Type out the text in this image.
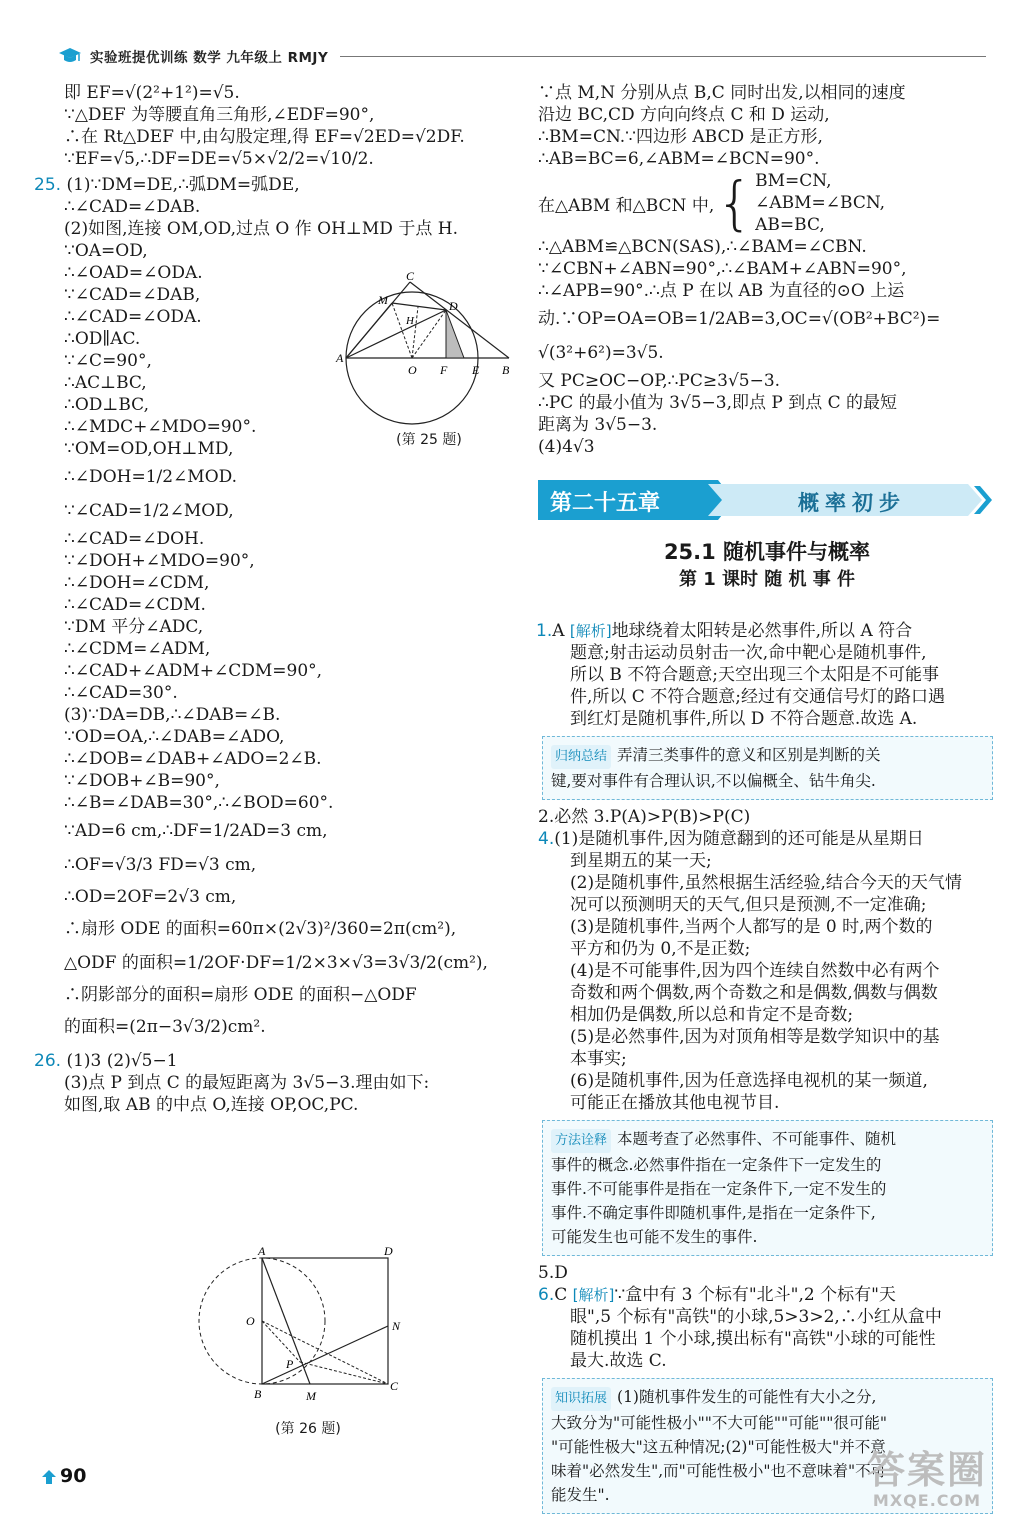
实验班提优训练 数学 九年级上 RMJY
即 EF=√(2²+1²)=√5.
∵△DEF 为等腰直角三角形,∠EDF=90°,
∴在 Rt△DEF 中,由勾股定理,得 EF=√2ED=√2DF.
∵EF=√5,∴DF=DE=√5×√2/2=√10/2.
25. (1)∵DM=DE,∴弧DM=弧DE,
∴∠CAD=∠DAB.
(2)如图,连接 OM,OD,过点 O 作 OH⊥MD 于点 H.
∵OA=OD,
∴∠OAD=∠ODA.
∵∠CAD=∠DAB,
∴∠CAD=∠ODA.
∴OD∥AC.
∵∠C=90°,
∴AC⊥BC,
∴OD⊥BC,
∴∠MDC+∠MDO=90°.
∵OM=OD,OH⊥MD,
∴∠DOH=1/2∠MOD.
∵∠CAD=1/2∠MOD,
∴∠CAD=∠DOH.
∵∠DOH+∠MDO=90°,
∴∠DOH=∠CDM,
∴∠CAD=∠CDM.
∵DM 平分∠ADC,
∴∠CDM=∠ADM,
∴∠CAD+∠ADM+∠CDM=90°,
∴∠CAD=30°.
(3)∵DA=DB,∴∠DAB=∠B.
∵OD=OA,∴∠DAB=∠ADO,
∴∠DOB=∠DAB+∠ADO=2∠B.
∵∠DOB+∠B=90°,
∴∠B=∠DAB=30°,∴∠BOD=60°.
∵AD=6 cm,∴DF=1/2AD=3 cm,
∴OF=√3/3 FD=√3 cm,
∴OD=2OF=2√3 cm,
∴扇形 ODE 的面积=60π×(2√3)²/360=2π(cm²),
△ODF 的面积=1/2OF·DF=1/2×3×√3=3√3/2(cm²),
∴阴影部分的面积=扇形 ODE 的面积−△ODF
的面积=(2π−3√3/2)cm².
26. (1)3 (2)√5−1
(3)点 P 到点 C 的最短距离为 3√5−3.理由如下:
如图,取 AB 的中点 O,连接 OP,OC,PC.
C
M	D
H
A
O F E B
(第 25 题)
A	D
O	N
P
B	M
C
(第 26 题)
∵点 M,N 分别从点 B,C 同时出发,以相同的速度
沿边 BC,CD 方向向终点 C 和 D 运动,
∴BM=CN.∵四边形 ABCD 是正方形,
∴AB=BC=6,∠ABM=∠BCN=90°.
在△ABM 和△BCN 中, { BM=CN,
∠ABM=∠BCN,
AB=BC,
∴△ABM≌△BCN(SAS),∴∠BAM=∠CBN.
∵∠CBN+∠ABN=90°,∴∠BAM+∠ABN=90°,
∴∠APB=90°.∴点 P 在以 AB 为直径的⊙O 上运
动.∵OP=OA=OB=1/2AB=3,OC=√(OB²+BC²)=
√(3²+6²)=3√5.
又 PC≥OC−OP,∴PC≥3√5−3.
∴PC 的最小值为 3√5−3,即点 P 到点 C 的最短
距离为 3√5−3.
(4)4√3
第二十五章	概率初步
25.1 随机事件与概率
第 1 课时 随 机 事 件
1.A [解析]地球绕着太阳转是必然事件,所以 A 符合
题意;射击运动员射击一次,命中靶心是随机事件,
所以 B 不符合题意;天空出现三个太阳是不可能事
件,所以 C 不符合题意;经过有交通信号灯的路口遇
到红灯是随机事件,所以 D 不符合题意.故选 A.
归纳总结 弄清三类事件的意义和区别是判断的关
键,要对事件有合理认识,不以偏概全、钻牛角尖.
2.必然 3.P(A)>P(B)>P(C)
4.(1)是随机事件,因为随意翻到的还可能是从星期日
到星期五的某一天;
(2)是随机事件,虽然根据生活经验,结合今天的天气情
况可以预测明天的天气,但只是预测,不一定准确;
(3)是随机事件,当两个人都写的是 0 时,两个数的
平方和仍为 0,不是正数;
(4)是不可能事件,因为四个连续自然数中必有两个
奇数和两个偶数,两个奇数之和是偶数,偶数与偶数
相加仍是偶数,所以总和肯定不是奇数;
(5)是必然事件,因为对顶角相等是数学知识中的基
本事实;
(6)是随机事件,因为任意选择电视机的某一频道,
可能正在播放其他电视节目.
方法诠释 本题考查了必然事件、不可能事件、随机
事件的概念.必然事件指在一定条件下一定发生的
事件.不可能事件是指在一定条件下,一定不发生的
事件.不确定事件即随机事件,是指在一定条件下,
可能发生也可能不发生的事件.
5.D
6.C [解析]∵盒中有 3 个标有"北斗",2 个标有"天
眼",5 个标有"高铁"的小球,5>3>2,∴小红从盒中
随机摸出 1 个小球,摸出标有"高铁"小球的可能性
最大.故选 C.
知识拓展 (1)随机事件发生的可能性有大小之分,
大致分为"可能性极小""不大可能""可能""很可能"
"可能性极大"这五种情况;(2)"可能性极大"并不意
味着"必然发生",而"可能性极小"也不意味着"不可
能发生".
90	答案圈
MXQE.COM
